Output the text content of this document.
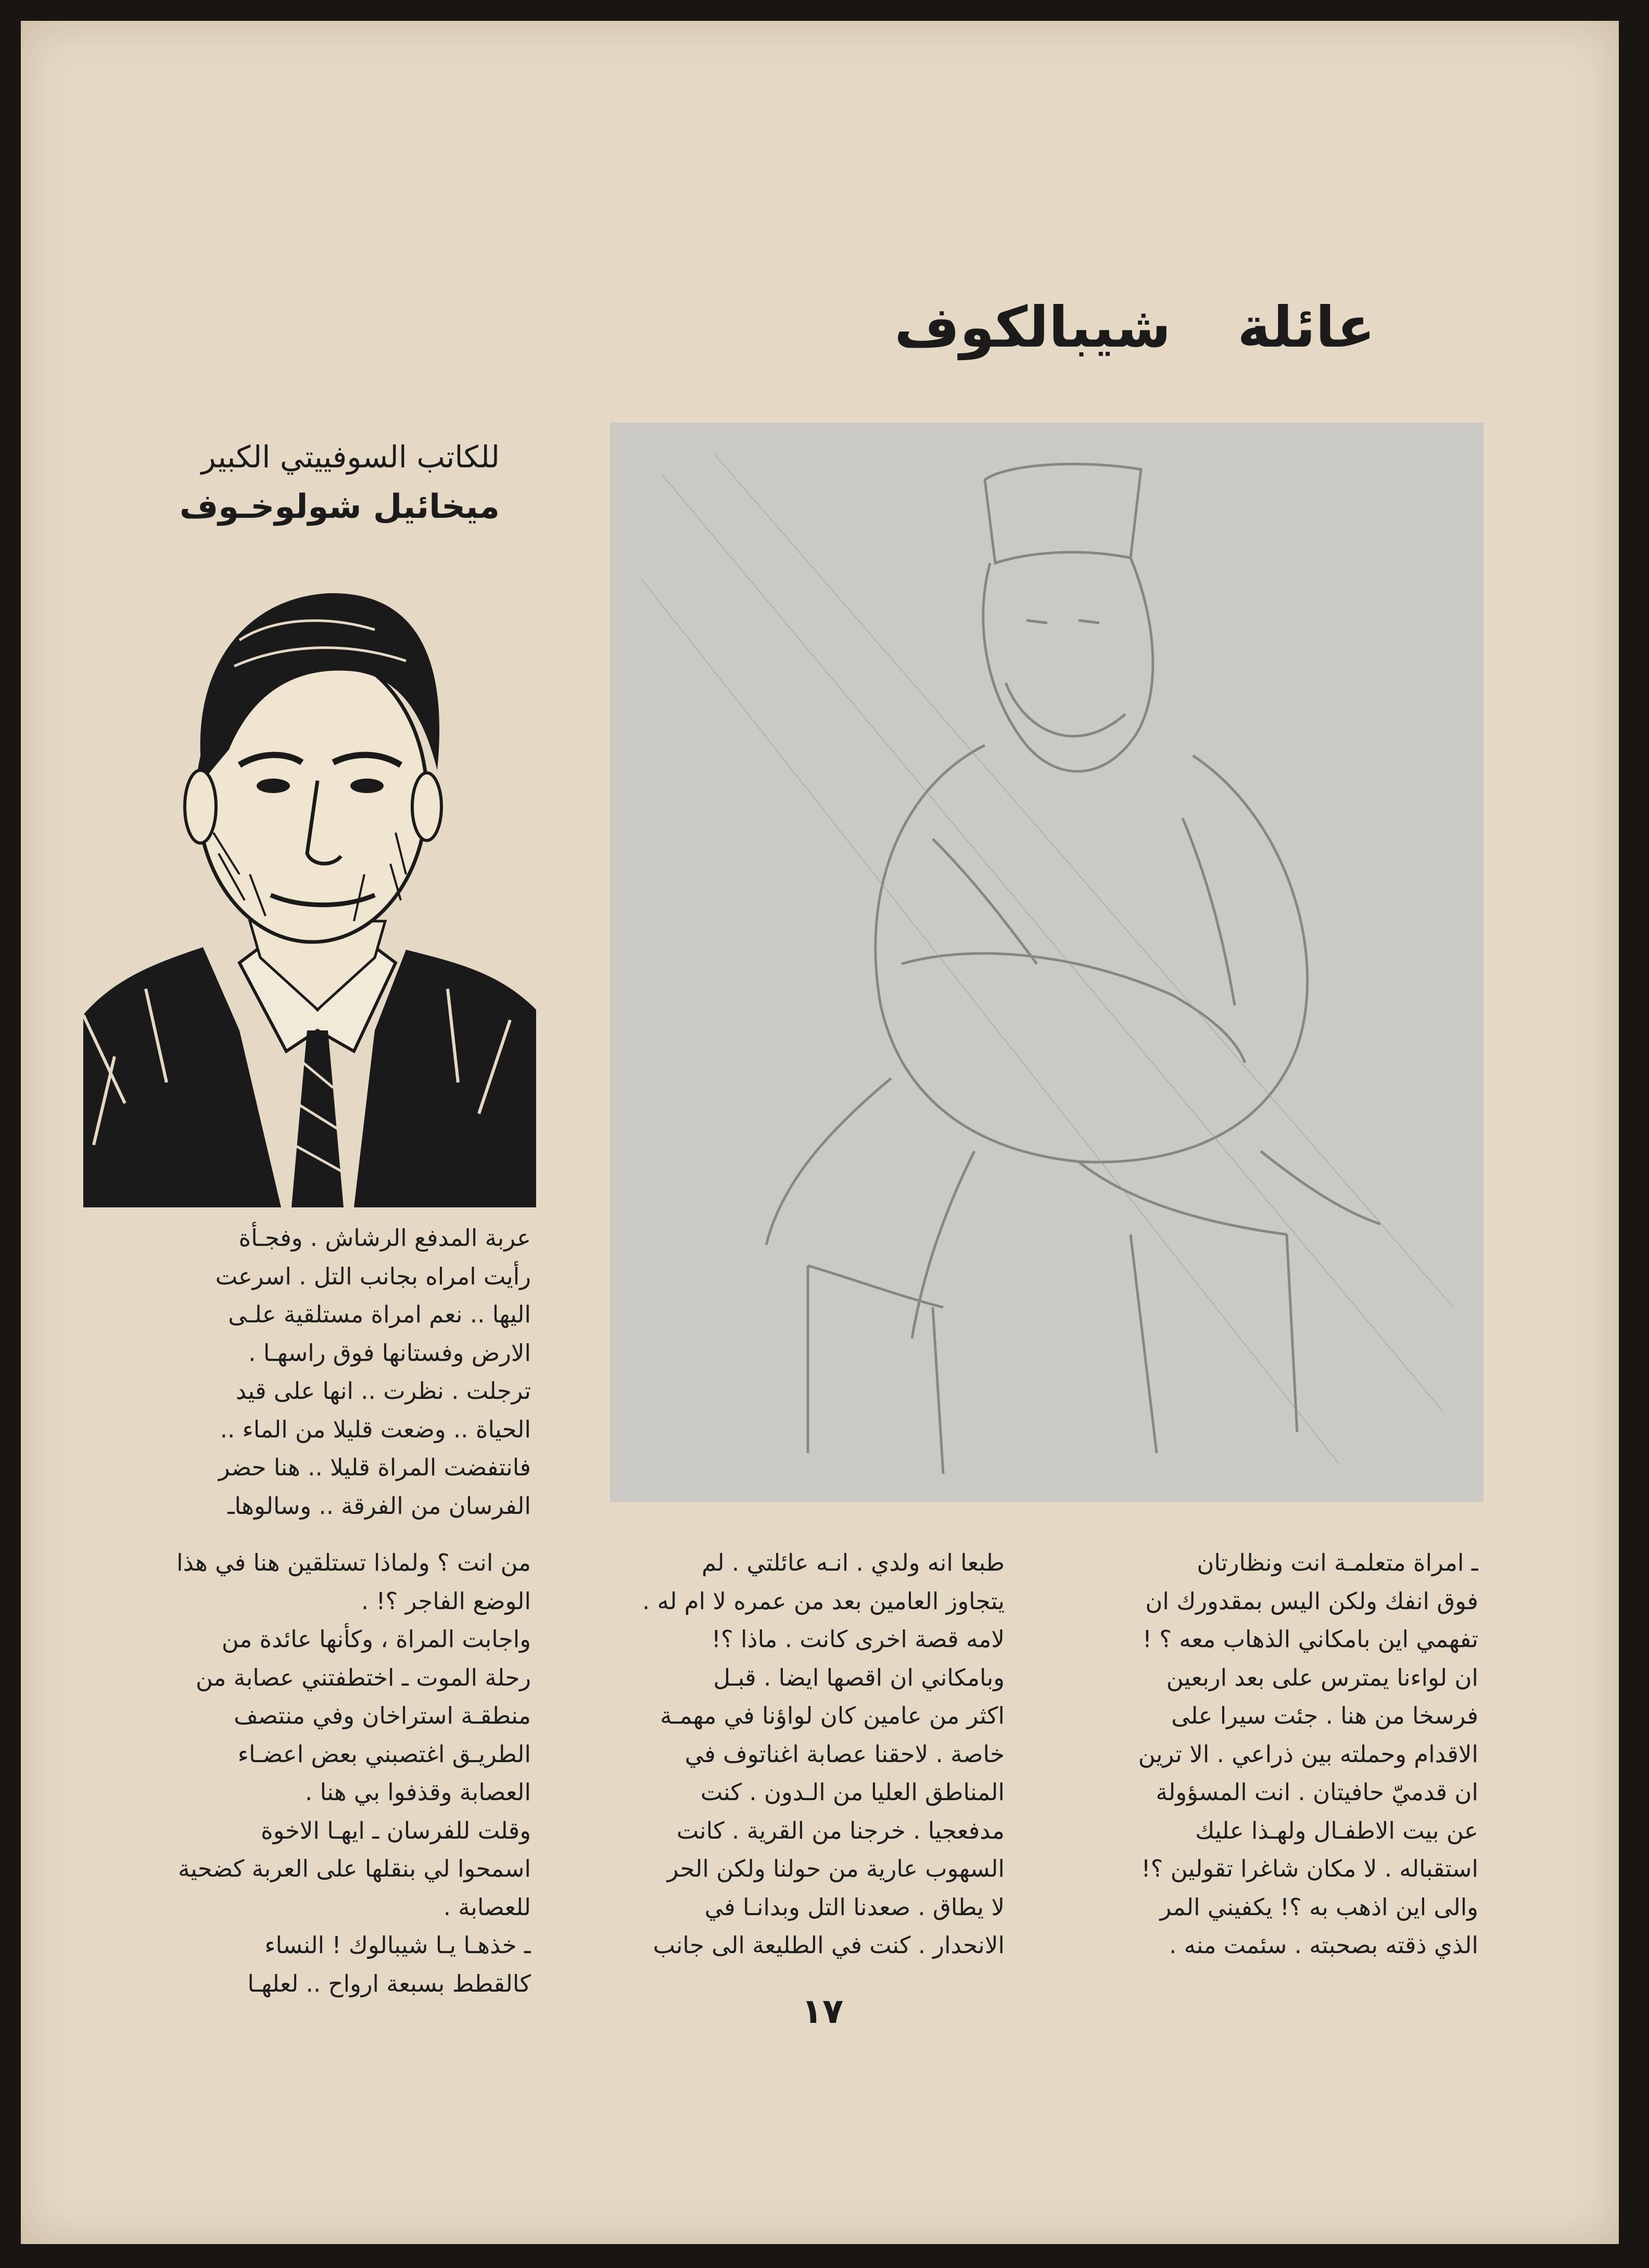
عائلة شيبالكوف
للكاتب السوفييتي الكبير
ميخائيل شولوخـوف
ـ امراة متعلمـة انت ونظارتان
فوق انفك ولكن اليس بمقدورك ان
تفهمي اين بامكاني الذهاب معه ؟ !
ان لواءنا يمترس على بعد اربعين
فرسخا من هنا . جئت سيرا على
الاقدام وحملته بين ذراعي . الا ترين
ان قدميّ حافيتان . انت المسؤولة
عن بيت الاطفـال ولهـذا عليك
استقباله . لا مكان شاغرا تقولين ؟!
والى اين اذهب به ؟! يكفيني المر
الذي ذقته بصحبته . سئمت منه .
طبعا انه ولدي . انـه عائلتي . لم
يتجاوز العامين بعد من عمره لا ام له .
لامه قصة اخرى كانت . ماذا ؟!
وبامكاني ان اقصها ايضا . قبـل
اكثر من عامين كان لواؤنا في مهمـة
خاصة . لاحقنا عصابة اغناتوف في
المناطق العليا من الـدون . كنت
مدفعجيا . خرجنا من القرية . كانت
السهوب عارية من حولنا ولكن الحر
لا يطاق . صعدنا التل وبدانـا في
الانحدار . كنت في الطليعة الى جانب
عربة المدفع الرشاش . وفجـأة
رأيت امراه بجانب التل . اسرعت
اليها .. نعم امراة مستلقية علـى
الارض وفستانها فوق راسهـا .
ترجلت . نظرت .. انها على قيد
الحياة .. وضعت قليلا من الماء ..
فانتفضت المراة قليلا .. هنا حضر
الفرسان من الفرقة .. وسالوهاـ
من انت ؟ ولماذا تستلقين هنا في هذا
الوضع الفاجر ؟! .
واجابت المراة ، وكأنها عائدة من
رحلة الموت ـ اختطفتني عصابة من
منطقـة استراخان وفي منتصف
الطريـق اغتصبني بعض اعضـاء
العصابة وقذفوا بي هنا .
وقلت للفرسان ـ ايهـا الاخوة
اسمحوا لي بنقلها على العربة كضحية
للعصابة .
ـ خذهـا يـا شيبالوك ! النساء
كالقطط بسبعة ارواح .. لعلهـا
١٧
